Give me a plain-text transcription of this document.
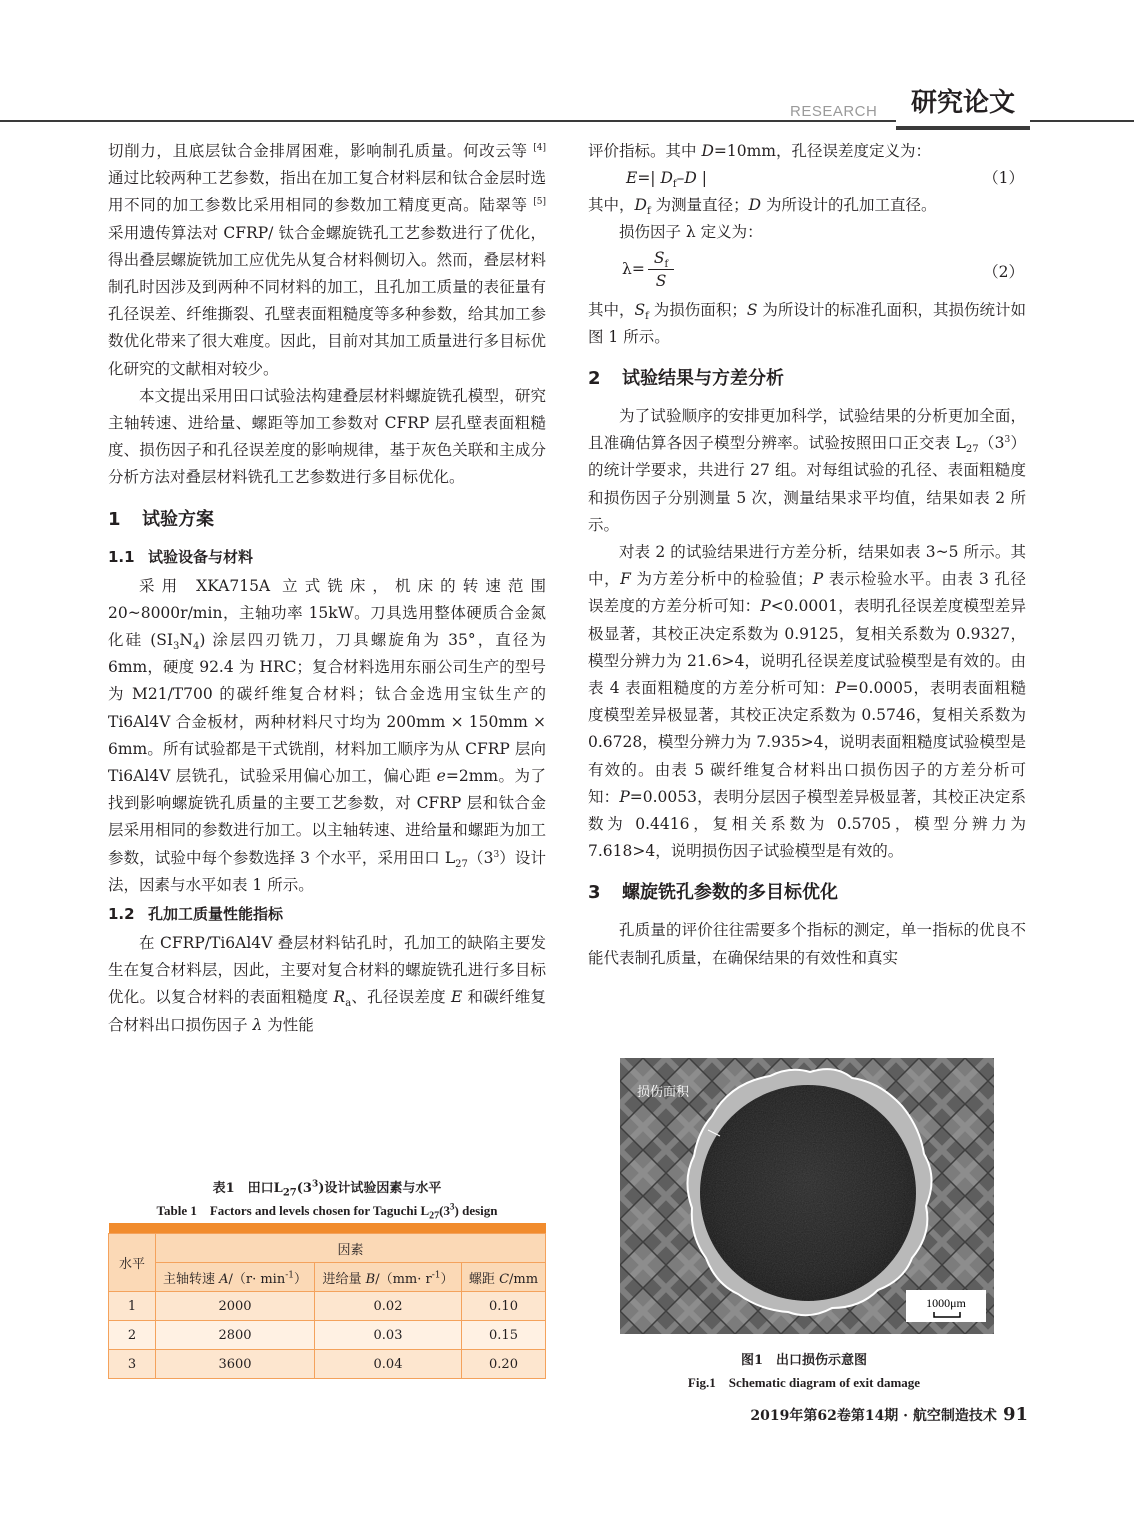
RESEARCH	研究论文

切削力，且底层钛合金排屑困难，影响制孔质量。何改云等 [4] 通过比较两种工艺参数，指出在加工复合材料层和钛合金层时选用不同的加工参数比采用相同的参数加工精度更高。陆翠等 [5] 采用遗传算法对 CFRP/ 钛合金螺旋铣孔工艺参数进行了优化，得出叠层螺旋铣加工应优先从复合材料侧切入。然而，叠层材料制孔时因涉及到两种不同材料的加工，且孔加工质量的表征量有孔径误差、纤维撕裂、孔壁表面粗糙度等多种参数，给其加工参数优化带来了很大难度。因此，目前对其加工质量进行多目标优化研究的文献相对较少。

本文提出采用田口试验法构建叠层材料螺旋铣孔模型，研究主轴转速、进给量、螺距等加工参数对 CFRP 层孔壁表面粗糙度、损伤因子和孔径误差度的影响规律，基于灰色关联和主成分分析方法对叠层材料铣孔工艺参数进行多目标优化。

1 试验方案
1.1 试验设备与材料

采用 XKA715A 立式铣床，机床的转速范围 20~8000r/min，主轴功率 15kW。刀具选用整体硬质合金氮化硅 $(SI_3N_4)$ 涂层四刃铣刀，刀具螺旋角为 35°，直径为 6mm，硬度 92.4 为 HRC；复合材料选用东丽公司生产的型号为 M21/T700 的碳纤维复合材料；钛合金选用宝钛生产的 Ti6Al4V 合金板材，两种材料尺寸均为 200mm × 150mm × 6mm。所有试验都是干式铣削，材料加工顺序为从 CFRP 层向 Ti6Al4V 层铣孔，试验采用偏心加工，偏心距 e=2mm。为了找到影响螺旋铣孔质量的主要工艺参数，对 CFRP 层和钛合金层采用相同的参数进行加工。以主轴转速、进给量和螺距为加工参数，试验中每个参数选择 3 个水平，采用田口 $L_{27}(3^3)$设计法，因素与水平如表 1 所示。

1.2 孔加工质量性能指标

在 CFRP/Ti6Al4V 叠层材料钻孔时，孔加工的缺陷主要发生在复合材料层，因此，主要对复合材料的螺旋铣孔进行多目标优化。以复合材料的表面粗糙度 $R_a$、孔径误差度 E 和碳纤维复合材料出口损伤因子 λ 为性能

表1　田口$L_{27}(3^3)$设计试验因素与水平
Table 1　Factors and levels chosen for Taguchi $L_{27}(3^3)$ design

水平	因素		
	主轴转速 $A/(r\cdot \min^{-1})$	进给量 $B/(mm\cdot r^{-1})$	螺距 C/mm
1	2000	0.02	0.10
2	2800	0.03	0.15
3	3600	0.04	0.20

评价指标。其中 D=10mm，孔径误差度定义为：

E=| $D_f-D$ |	（1）

其中，$D_f$ 为测量直径；D 为所设计的孔加工直径。

损伤因子 λ 定义为：

λ=
$S_f$
S	（2）

其中，$S_f$ 为损伤面积；S 为所设计的标准孔面积，其损伤统计如图 1 所示。

2 试验结果与方差分析

为了试验顺序的安排更加科学，试验结果的分析更加全面，且准确估算各因子模型分辨率。试验按照田口正交表 $L_{27}(3^3)$的统计学要求，共进行 27 组。对每组试验的孔径、表面粗糙度和损伤因子分别测量 5 次，测量结果求平均值，结果如表 2 所示。

对表 2 的试验结果进行方差分析，结果如表 3~5 所示。其中，F 为方差分析中的检验值；P 表示检验水平。由表 3 孔径误差度的方差分析可知：P<0.0001，表明孔径误差度模型差异极显著，其校正决定系数为 0.9125，复相关系数为 0.9327，模型分辨力为 21.6>4，说明孔径误差度试验模型是有效的。由表 4 表面粗糙度的方差分析可知：P=0.0005，表明表面粗糙度模型差异极显著，其校正决定系数为 0.5746，复相关系数为 0.6728，模型分辨力为 7.935>4，说明表面粗糙度试验模型是有效的。由表 5 碳纤维复合材料出口损伤因子的方差分析可知：P=0.0053，表明分层因子模型差异极显著，其校正决定系数为 0.4416，复相关系数为 0.5705，模型分辨力为 7.618>4，说明损伤因子试验模型是有效的。

3 螺旋铣孔参数的多目标优化

孔质量的评价往往需要多个指标的测定，单一指标的优良不能代表制孔质量，在确保结果的有效性和真实

损伤面积
1000μm
图1　出口损伤示意图
Fig.1　Schematic diagram of exit damage
2019年第62卷第14期 · 航空制造技术 91
